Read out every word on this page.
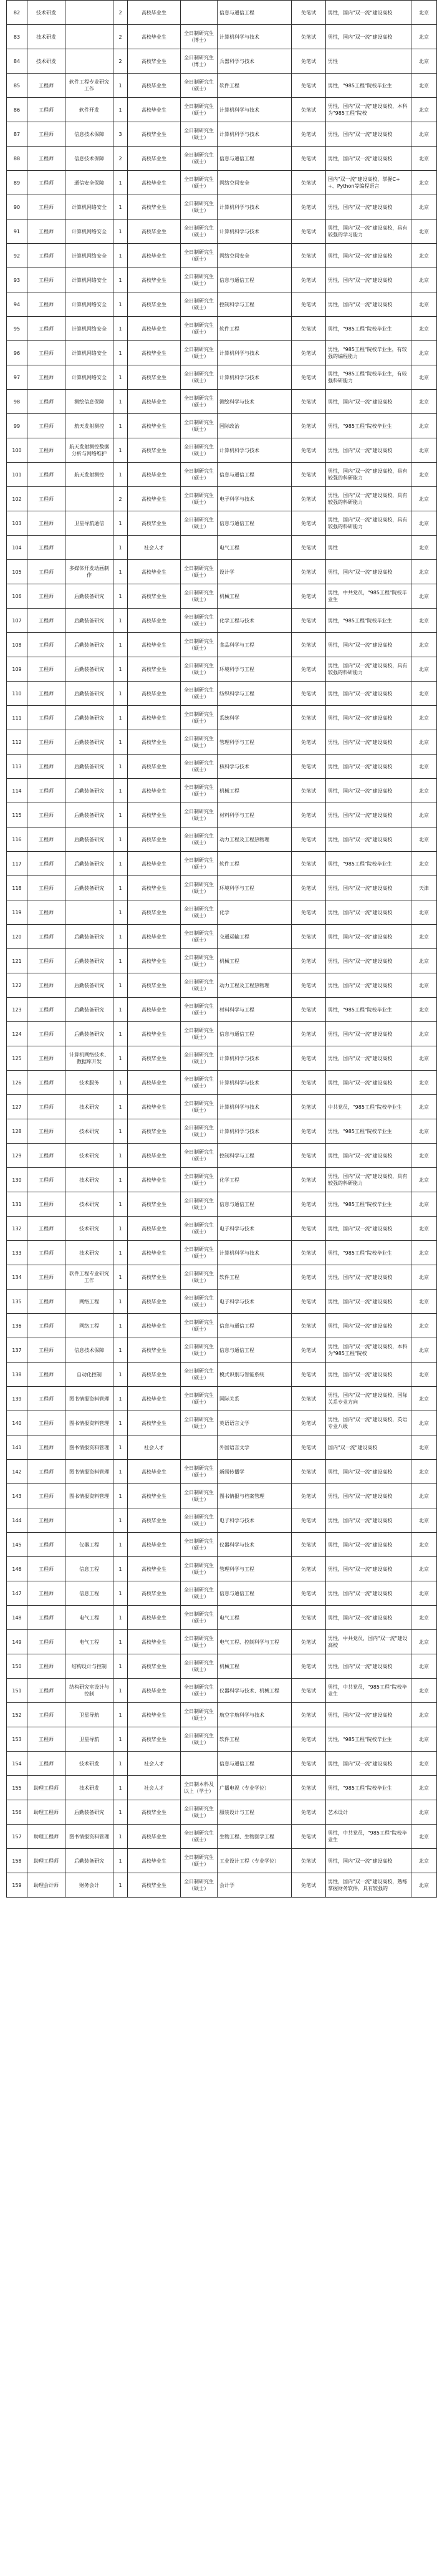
82	技术研发		2	高校毕业生		信息与通信工程	免笔试	男性，国内"双一流"建设高校	北京
83	技术研发		2	高校毕业生	全日制研究生（博士）	计算机科学与技术	免笔试	男性，国内"双一流"建设高校	北京
84	技术研发		2	高校毕业生	全日制研究生（博士）	兵器科学与技术	免笔试	男性	北京
85	工程师	软件工程专业研究工作	1	高校毕业生	全日制研究生（硕士）	软件工程	免笔试	男性，"985工程"院校毕业生	北京
86	工程师	软件开发	1	高校毕业生	全日制研究生（硕士）	计算机科学与技术	免笔试	男性，国内"双一流"建设高校，本科为"985工程"院校	北京
87	工程师	信息技术保障	3	高校毕业生	全日制研究生（硕士）	计算机科学与技术	免笔试	男性，国内"双一流"建设高校	北京
88	工程师	信息技术保障	2	高校毕业生	全日制研究生（硕士）	信息与通信工程	免笔试	男性，国内"双一流"建设高校	北京
89	工程师	通信安全保障	1	高校毕业生	全日制研究生（硕士）	网络空间安全	免笔试	国内"双一流"建设高校，掌握C++、Python等编程语言	北京
90	工程师	计算机网络安全	1	高校毕业生	全日制研究生（硕士）	计算机科学与技术	免笔试	男性，国内"双一流"建设高校	北京
91	工程师	计算机网络安全	1	高校毕业生	全日制研究生（硕士）	计算机科学与技术	免笔试	男性，国内"双一流"建设高校，具有较强的学习能力	北京
92	工程师	计算机网络安全	1	高校毕业生	全日制研究生（硕士）	网络空间安全	免笔试	男性，国内"双一流"建设高校	北京
93	工程师	计算机网络安全	1	高校毕业生	全日制研究生（硕士）	信息与通信工程	免笔试	男性，国内"双一流"建设高校	北京
94	工程师	计算机网络安全	1	高校毕业生	全日制研究生（硕士）	控制科学与工程	免笔试	男性，国内"双一流"建设高校	北京
95	工程师	计算机网络安全	1	高校毕业生	全日制研究生（硕士）	软件工程	免笔试	男性，"985工程"院校毕业生	北京
96	工程师	计算机网络安全	1	高校毕业生	全日制研究生（硕士）	计算机科学与技术	免笔试	男性，"985工程"院校毕业生，有较强的编程能力	北京
97	工程师	计算机网络安全	1	高校毕业生	全日制研究生（硕士）	计算机科学与技术	免笔试	男性，"985工程"院校毕业生，有较强科研能力	北京
98	工程师	测绘信息保障	1	高校毕业生	全日制研究生（硕士）	测绘科学与技术	免笔试	男性，国内"双一流"建设高校	北京
99	工程师	航天发射测控	1	高校毕业生	全日制研究生（硕士）	国际政治	免笔试	男性，"985工程"院校毕业生	北京
100	工程师	航天发射测控数据分析与网络维护	1	高校毕业生	全日制研究生（硕士）	计算机科学与技术	免笔试	男性，国内"双一流"建设高校	北京
101	工程师	航天发射测控	1	高校毕业生	全日制研究生（硕士）	信息与通信工程	免笔试	男性，国内"双一流"建设高校，具有较强的科研能力	北京
102	工程师		2	高校毕业生	全日制研究生（硕士）	电子科学与技术	免笔试	男性，国内"双一流"建设高校，具有较强的科研能力	北京
103	工程师	卫星导航通信	1	高校毕业生	全日制研究生（硕士）	信息与通信工程	免笔试	男性，国内"双一流"建设高校，具有较强的科研能力	北京
104	工程师		1	社会人才		电气工程	免笔试	男性	北京
105	工程师	多媒体开发动画制作	1	高校毕业生	全日制研究生（硕士）	设计学	免笔试	男性，国内"双一流"建设高校	北京
106	工程师	后勤装备研究	1	高校毕业生	全日制研究生（硕士）	机械工程	免笔试	男性，中共党员，"985工程"院校毕业生	北京
107	工程师	后勤装备研究	1	高校毕业生	全日制研究生（硕士）	化学工程与技术	免笔试	男性，"985工程"院校毕业生	北京
108	工程师	后勤装备研究	1	高校毕业生	全日制研究生（硕士）	食品科学与工程	免笔试	男性，国内"双一流"建设高校	北京
109	工程师	后勤装备研究	1	高校毕业生	全日制研究生（硕士）	环境科学与工程	免笔试	男性，国内"双一流"建设高校，具有较强的科研能力	北京
110	工程师	后勤装备研究	1	高校毕业生	全日制研究生（硕士）	纺织科学与工程	免笔试	男性，国内"双一流"建设高校	北京
111	工程师	后勤装备研究	1	高校毕业生	全日制研究生（硕士）	系统科学	免笔试	男性，国内"双一流"建设高校	北京
112	工程师	后勤装备研究	1	高校毕业生	全日制研究生（硕士）	管理科学与工程	免笔试	男性，国内"双一流"建设高校	北京
113	工程师	后勤装备研究	1	高校毕业生	全日制研究生（硕士）	核科学与技术	免笔试	男性，国内"双一流"建设高校	北京
114	工程师	后勤装备研究	1	高校毕业生	全日制研究生（硕士）	机械工程	免笔试	男性，国内"双一流"建设高校	北京
115	工程师	后勤装备研究	1	高校毕业生	全日制研究生（硕士）	材料科学与工程	免笔试	男性，国内"双一流"建设高校	北京
116	工程师	后勤装备研究	1	高校毕业生	全日制研究生（硕士）	动力工程及工程热物理	免笔试	男性，国内"双一流"建设高校	北京
117	工程师	后勤装备研究	1	高校毕业生	全日制研究生（硕士）	软件工程	免笔试	男性，"985工程"院校毕业生	北京
118	工程师	后勤装备研究	1	高校毕业生	全日制研究生（硕士）	环境科学与工程	免笔试	男性，国内"双一流"建设高校	天津
119	工程师		1	高校毕业生	全日制研究生（硕士）	化学	免笔试	男性，国内"双一流"建设高校	北京
120	工程师	后勤装备研究	1	高校毕业生	全日制研究生（硕士）	交通运输工程	免笔试	男性，国内"双一流"建设高校	北京
121	工程师	后勤装备研究	1	高校毕业生	全日制研究生（硕士）	机械工程	免笔试	男性，国内"双一流"建设高校	北京
122	工程师	后勤装备研究	1	高校毕业生	全日制研究生（硕士）	动力工程及工程热物理	免笔试	男性，国内"双一流"建设高校	北京
123	工程师	后勤装备研究	1	高校毕业生	全日制研究生（硕士）	材料科学与工程	免笔试	男性，"985工程"院校毕业生	北京
124	工程师	后勤装备研究	1	高校毕业生	全日制研究生（硕士）	信息与通信工程	免笔试	男性，国内"双一流"建设高校	北京
125	工程师	计算机网络技术、数据库开发	1	高校毕业生	全日制研究生（硕士）	计算机科学与技术	免笔试	男性，国内"双一流"建设高校	北京
126	工程师	技术服务	1	高校毕业生	全日制研究生（硕士）	计算机科学与技术	免笔试	男性，国内"双一流"建设高校	北京
127	工程师	技术研究	1	高校毕业生	全日制研究生（硕士）	计算机科学与技术	免笔试	中共党员，"985工程"院校毕业生	北京
128	工程师	技术研究	1	高校毕业生	全日制研究生（硕士）	计算机科学与技术	免笔试	男性，"985工程"院校毕业生	北京
129	工程师	技术研究	1	高校毕业生	全日制研究生（硕士）	控制科学与工程	免笔试	男性，国内"双一流"建设高校	北京
130	工程师	技术研究	1	高校毕业生	全日制研究生（硕士）	化学工程	免笔试	男性，国内"双一流"建设高校，具有较强的科研能力	北京
131	工程师	技术研究	1	高校毕业生	全日制研究生（硕士）	信息与通信工程	免笔试	男性，"985工程"院校毕业生	北京
132	工程师	技术研究	1	高校毕业生	全日制研究生（硕士）	电子科学与技术	免笔试	男性，国内"双一流"建设高校	北京
133	工程师	技术研究	1	高校毕业生	全日制研究生（硕士）	计算机科学与技术	免笔试	男性，"985工程"院校毕业生	北京
134	工程师	软件工程专业研究工作	1	高校毕业生	全日制研究生（硕士）	软件工程	免笔试	男性，国内"双一流"建设高校	北京
135	工程师	网络工程	1	高校毕业生	全日制研究生（硕士）	电子科学与技术	免笔试	男性，国内"双一流"建设高校	北京
136	工程师	网络工程	1	高校毕业生	全日制研究生（硕士）	信息与通信工程	免笔试	男性，国内"双一流"建设高校	北京
137	工程师	信息技术保障	1	高校毕业生	全日制研究生（硕士）	信息与通信工程	免笔试	男性，国内"双一流"建设高校，本科为"985工程"院校	北京
138	工程师	自动化控制	1	高校毕业生	全日制研究生（硕士）	模式识别与智能系统	免笔试	男性，国内"双一流"建设高校	北京
139	工程师	图书情报资料管理	1	高校毕业生	全日制研究生（硕士）	国际关系	免笔试	男性，国内"双一流"建设高校，国际关系专业方向	北京
140	工程师	图书情报资料管理	1	高校毕业生	全日制研究生（硕士）	英语语言文学	免笔试	男性，国内"双一流"建设高校，英语专业八级	北京
141	工程师	图书情报资料管理	1	社会人才		外国语言文学	免笔试	国内"双一流"建设高校	北京
142	工程师	图书情报资料管理	1	高校毕业生	全日制研究生（硕士）	新闻传播学	免笔试	男性，国内"双一流"建设高校	北京
143	工程师	图书情报资料管理	1	高校毕业生	全日制研究生（硕士）	图书情报与档案管理	免笔试	男性，国内"双一流"建设高校	北京
144	工程师		1	高校毕业生	全日制研究生（硕士）	电子科学与技术	免笔试	男性，国内"双一流"建设高校	北京
145	工程师	仪器工程	1	高校毕业生	全日制研究生（硕士）	仪器科学与技术	免笔试	男性，国内"双一流"建设高校	北京
146	工程师	信息工程	1	高校毕业生	全日制研究生（硕士）	管理科学与工程	免笔试	男性，国内"双一流"建设高校	北京
147	工程师	信息工程	1	高校毕业生	全日制研究生（硕士）	信息与通信工程	免笔试	男性，国内"双一流"建设高校	北京
148	工程师	电气工程	1	高校毕业生	全日制研究生（硕士）	电气工程	免笔试	男性，国内"双一流"建设高校	北京
149	工程师	电气工程	1	高校毕业生	全日制研究生（硕士）	电气工程、控制科学与工程	免笔试	男性，中共党员，国内"双一流"建设高校	北京
150	工程师	结构设计与控制	1	高校毕业生	全日制研究生（硕士）	机械工程	免笔试	男性，国内"双一流"建设高校	北京
151	工程师	结构研究室设计与控制	1	高校毕业生	全日制研究生（硕士）	仪器科学与技术、机械工程	免笔试	男性，中共党员，"985工程"院校毕业生	北京
152	工程师	卫星导航	1	高校毕业生	全日制研究生（硕士）	航空宇航科学与技术	免笔试	男性，国内"双一流"建设高校	北京
153	工程师	卫星导航	1	高校毕业生	全日制研究生（硕士）	软件工程	免笔试	男性，"985工程"院校毕业生	北京
154	工程师	技术研发	1	社会人才		信息与通信工程	免笔试	男性，国内"双一流"建设高校	北京
155	助理工程师	技术研发	1	社会人才	全日制本科及以上（学士）	广播电视（专业学位）	免笔试	男性，"985工程"院校毕业生	北京
156	助理工程师	后勤装备研究	1	高校毕业生	全日制研究生（硕士）	服装设计与工程	免笔试	艺术设计	北京
157	助理工程师	图书情报资料管理	1	高校毕业生	全日制研究生（硕士）	生物工程、生物医学工程	免笔试	男性，中共党员，"985工程"院校毕业生	北京
158	助理工程师	后勤装备研究	1	高校毕业生	全日制研究生（硕士）	工业设计工程（专业学位）	免笔试	男性，国内"双一流"建设高校	北京
159	助理会计师	财务会计	1	高校毕业生	全日制研究生（硕士）	会计学	免笔试	男性，国内"双一流"建设高校，熟练掌握财务软件，具有较强的	北京
